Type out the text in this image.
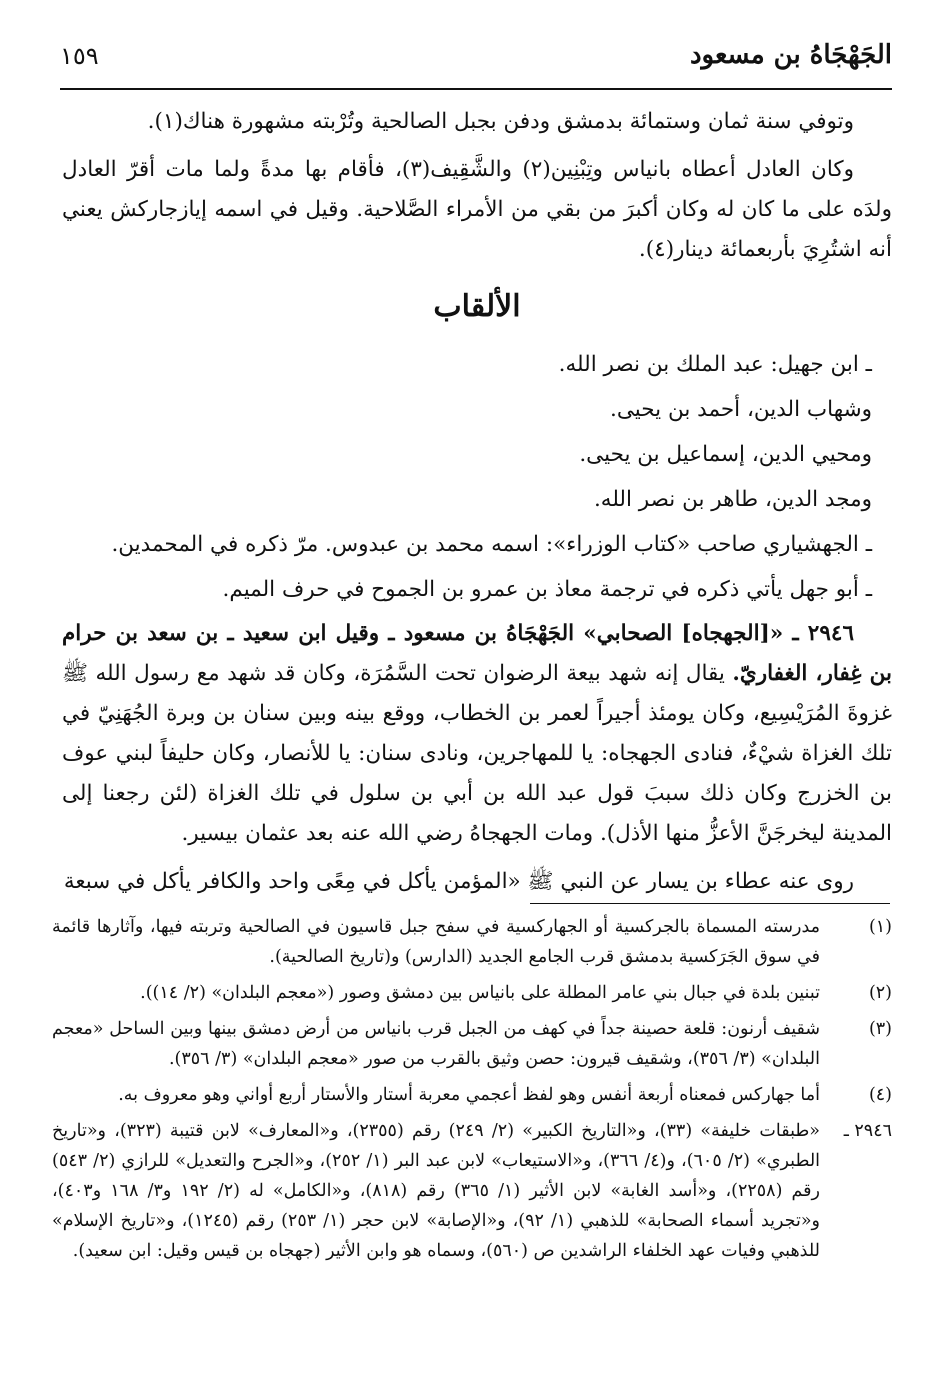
الجَهْجَاهُ بن مسعود
١٥٩

وتوفي سنة ثمان وستمائة بدمشق ودفن بجبل الصالحية وتُرْبته مشهورة هناك(١).

وكان العادل أعطاه بانياس وتِبْنِين(٢) والشَّقِيف(٣)، فأقام بها مدةً ولما مات أقرّ العادل ولدَه على ما كان له وكان أكبرَ من بقي من الأمراء الصَّلاحية. وقيل في اسمه إيازجاركش يعني أنه اشتُرِيَ بأربعمائة دينار(٤).

الألقاب

ـ ابن جهيل: عبد الملك بن نصر الله.

وشهاب الدين، أحمد بن يحيى.

ومحيي الدين، إسماعيل بن يحيى.

ومجد الدين، طاهر بن نصر الله.

ـ الجهشياري صاحب «كتاب الوزراء»: اسمه محمد بن عبدوس. مرّ ذكره في المحمدين.

ـ أبو جهل يأتي ذكره في ترجمة معاذ بن عمرو بن الجموح في حرف الميم.

٢٩٤٦ ـ «[الجهجاه] الصحابي» الجَهْجَاهُ بن مسعود ـ وقيل ابن سعيد ـ بن سعد بن حرام بن غِفار، الغفاريّ. يقال إنه شهد بيعة الرضوان تحت السَّمُرَة، وكان قد شهد مع رسول الله ﷺ غزوةَ المُرَيْسِيع، وكان يومئذ أجيراً لعمر بن الخطاب، ووقع بينه وبين سنان بن وبرة الجُهَنِيّ في تلك الغزاة شيْءٌ، فنادى الجهجاه: يا للمهاجرين، ونادى سنان: يا للأنصار، وكان حليفاً لبني عوف بن الخزرج وكان ذلك سببَ قول عبد الله بن أبي بن سلول في تلك الغزاة (لئن رجعنا إلى المدينة ليخرجَنَّ الأعزُّ منها الأذل). ومات الجهجاهُ رضي الله عنه بعد عثمان بيسير.

روى عنه عطاء بن يسار عن النبي ﷺ «المؤمن يأكل في مِعًى واحد والكافر يأكل في سبعة

(١)
مدرسته المسماة بالجركسية أو الجهاركسية في سفح جبل قاسيون في الصالحية وتربته فيها، وآثارها قائمة في سوق الجَرَكسية بدمشق قرب الجامع الجديد (الدارس) و(تاريخ الصالحية).
(٢)
تبنين بلدة في جبال بني عامر المطلة على بانياس بين دمشق وصور («معجم البلدان» (٢/ ١٤)).
(٣)
شقيف أرنون: قلعة حصينة جداً في كهف من الجبل قرب بانياس من أرض دمشق بينها وبين الساحل «معجم البلدان» (٣/ ٣٥٦)، وشقيف قيرون: حصن وثيق بالقرب من صور «معجم البلدان» (٣/ ٣٥٦).
(٤)
أما جهاركس فمعناه أربعة أنفس وهو لفظ أعجمي معربة أستار والأستار أربع أواني وهو معروف به.
٢٩٤٦ ـ
«طبقات خليفة» (٣٣)، و«التاريخ الكبير» (٢/ ٢٤٩) رقم (٢٣٥٥)، و«المعارف» لابن قتيبة (٣٢٣)، و«تاريخ الطبري» (٢/ ٦٠٥)، و(٤/ ٣٦٦)، و«الاستيعاب» لابن عبد البر (١/ ٢٥٢)، و«الجرح والتعديل» للرازي (٢/ ٥٤٣) رقم (٢٢٥٨)، و«أسد الغابة» لابن الأثير (١/ ٣٦٥) رقم (٨١٨)، و«الكامل» له (٢/ ١٩٢ و٣/ ١٦٨ و٤٠٣)، و«تجريد أسماء الصحابة» للذهبي (١/ ٩٢)، و«الإصابة» لابن حجر (١/ ٢٥٣) رقم (١٢٤٥)، و«تاريخ الإسلام» للذهبي وفيات عهد الخلفاء الراشدين ص (٥٦٠)، وسماه هو وابن الأثير (جهجاه بن قيس وقيل: ابن سعيد).
